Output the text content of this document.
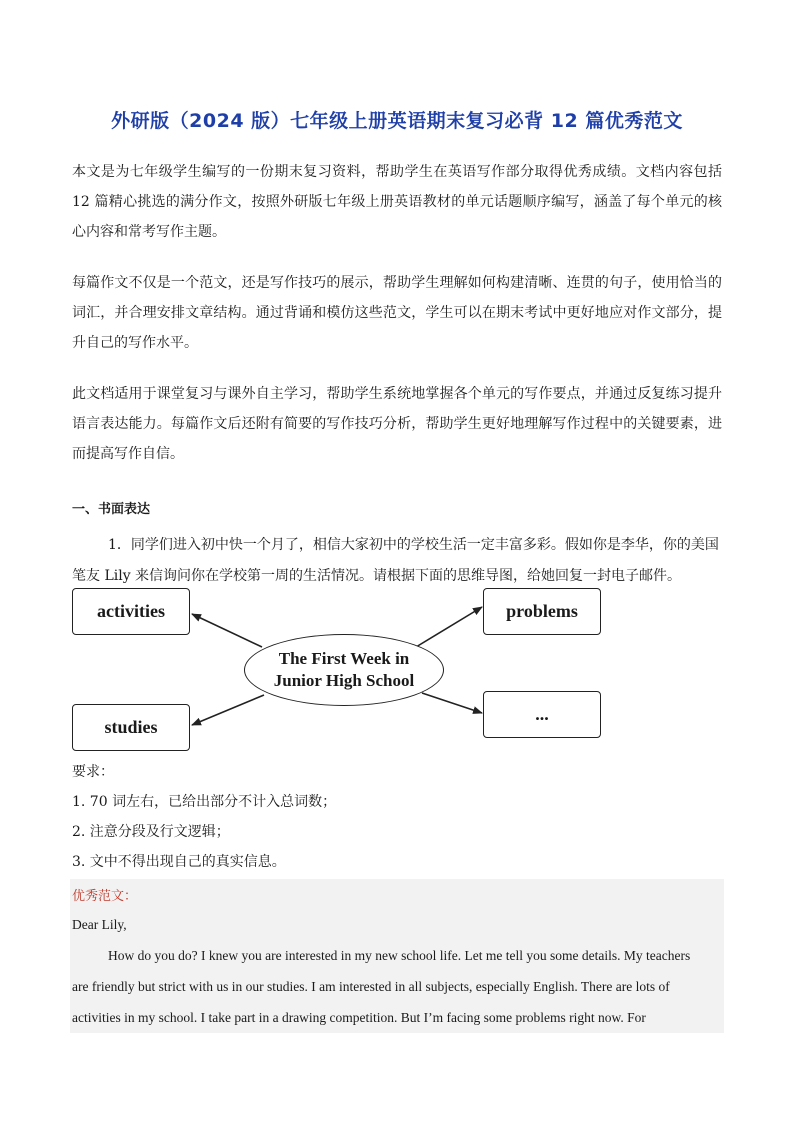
外研版（2024 版）七年级上册英语期末复习必背 12 篇优秀范文

本文是为七年级学生编写的一份期末复习资料，帮助学生在英语写作部分取得优秀成绩。文档内容包括 12 篇精心挑选的满分作文，按照外研版七年级上册英语教材的单元话题顺序编写，涵盖了每个单元的核心内容和常考写作主题。

每篇作文不仅是一个范文，还是写作技巧的展示，帮助学生理解如何构建清晰、连贯的句子，使用恰当的词汇，并合理安排文章结构。通过背诵和模仿这些范文，学生可以在期末考试中更好地应对作文部分，提升自己的写作水平。

此文档适用于课堂复习与课外自主学习，帮助学生系统地掌握各个单元的写作要点，并通过反复练习提升语言表达能力。每篇作文后还附有简要的写作技巧分析，帮助学生更好地理解写作过程中的关键要素，进而提高写作自信。

一、书面表达

1．同学们进入初中快一个月了，相信大家初中的学校生活一定丰富多彩。假如你是李华，你的美国笔友 Lily 来信询问你在学校第一周的生活情况。请根据下面的思维导图，给她回复一封电子邮件。

activities	problems
studies
...
The First Week in
Junior High School
要求：
1. 70 词左右，已给出部分不计入总词数；
2. 注意分段及行文逻辑；
3. 文中不得出现自己的真实信息。
优秀范文：
Dear Lily,
How do you do? I knew you are interested in my new school life. Let me tell you some details. My teachers
are friendly but strict with us in our studies. I am interested in all subjects, especially English. There are lots of
activities in my school. I take part in a drawing competition. But I’m facing some problems right now. For
